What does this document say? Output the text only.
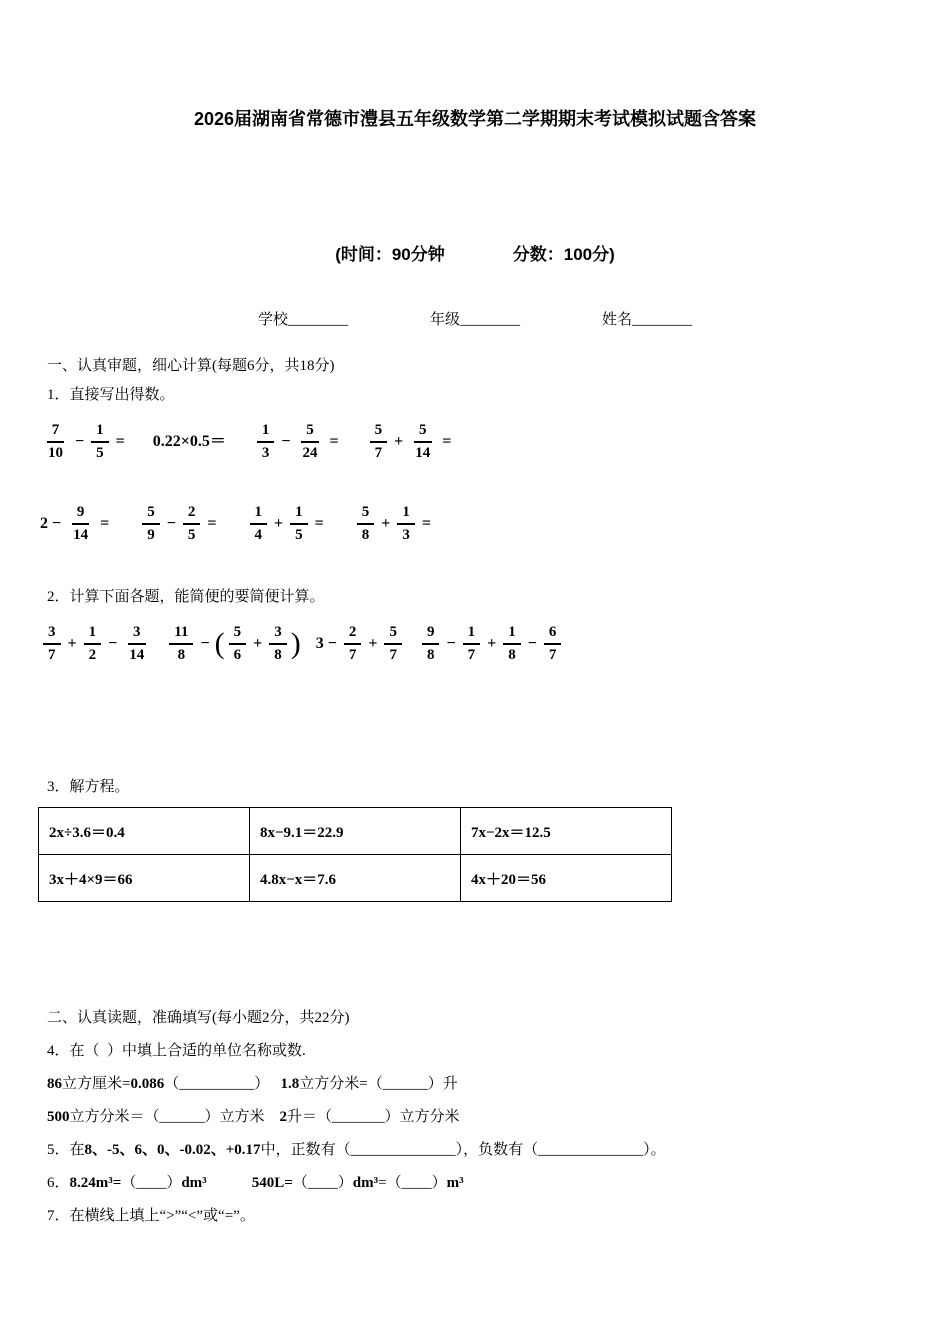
2026届湖南省常德市澧县五年级数学第二学期期末考试模拟试题含答案
(时间：90分钟　　　　分数：100分)
学校________	年级________	姓名________
一、认真审题，细心计算(每题6分，共18分)
1．直接写出得数。
$\frac{7}{10} - \frac{1}{5} = 0.22\times 0.5= \frac{1}{3} - \frac{5}{24} = \frac{5}{7} + \frac{5}{14}$ =
$2 - \frac{9}{14} = \frac{5}{9} - \frac{2}{5} = \frac{1}{4} + \frac{1}{5} = \frac{5}{8} + \frac{1}{3}$ =
2．计算下面各题，能简便的要简便计算。
$\frac{3}{7} + \frac{1}{2} - \frac{3}{14} \frac{11}{8}$ − ( $\frac{5}{6} + \frac{3}{8}$ ) $3 - \frac{2}{7} + \frac{5}{7} \frac{9}{8} - \frac{1}{7} + \frac{1}{8} - \frac{6}{7}$
3．解方程。
2x÷3.6＝0.4	8x−9.1＝22.9	7x−2x＝12.5
3x＋4×9＝66	4.8x−x＝7.6	4x＋20＝56
二、认真读题，准确填写(每小题2分，共22分)
4．在（  ）中填上合适的单位名称或数.
86立方厘米=0.086（__________）　 1.8立方分米=（______）升
500立方分米＝（______）立方米　2升＝（_______）立方分米
5．在8、-5、6、0、-0.02、+0.17中，正数有（______________），负数有（______________）。
6．8.24m³=（____）dm³　　　	540L=（____）dm³=（____）m³
7．在横线上填上“>”“<”或“=”。
